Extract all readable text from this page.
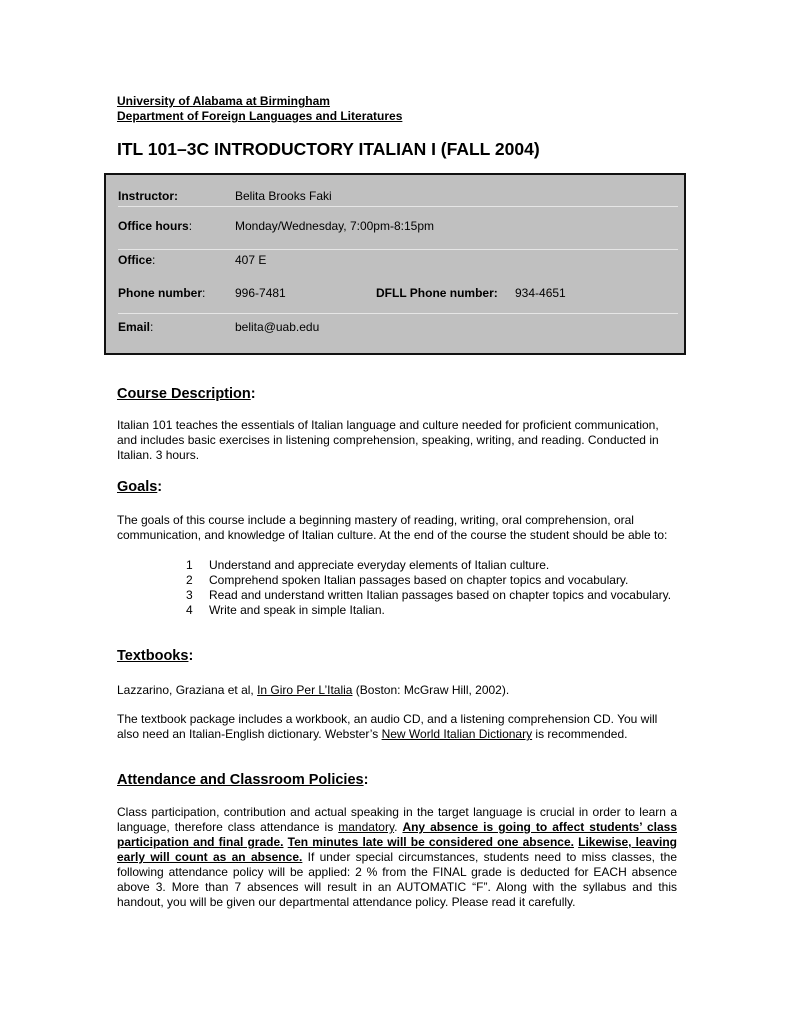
University of Alabama at Birmingham
Department of Foreign Languages and Literatures
ITL 101–3C INTRODUCTORY ITALIAN I (FALL 2004)
Instructor:	Belita Brooks Faki
Office hours:	Monday/Wednesday, 7:00pm-8:15pm
Office:	407 E
Phone number: 996-7481	DFLL Phone number: 934-4651
Email:	belita@uab.edu
Course Description:

Italian 101 teaches the essentials of Italian language and culture needed for proficient communication, and includes basic exercises in listening comprehension, speaking, writing, and reading. Conducted in Italian. 3 hours.

Goals:

The goals of this course include a beginning mastery of reading, writing, oral comprehension, oral communication, and knowledge of Italian culture. At the end of the course the student should be able to:

1 Understand and appreciate everyday elements of Italian culture.
2 Comprehend spoken Italian passages based on chapter topics and vocabulary.
3 Read and understand written Italian passages based on chapter topics and vocabulary.
4 Write and speak in simple Italian.
Textbooks:

Lazzarino, Graziana et al, In Giro Per L’Italia (Boston: McGraw Hill, 2002).

The textbook package includes a workbook, an audio CD, and a listening comprehension CD. You will also need an Italian-English dictionary. Webster’s New World Italian Dictionary is recommended.

Attendance and Classroom Policies:

Class participation, contribution and actual speaking in the target language is crucial in order to learn a language, therefore class attendance is mandatory. Any absence is going to affect students’ class participation and final grade. Ten minutes late will be considered one absence. Likewise, leaving early will count as an absence. If under special circumstances, students need to miss classes, the following attendance policy will be applied: 2 % from the FINAL grade is deducted for EACH absence above 3. More than 7 absences will result in an AUTOMATIC “F”. Along with the syllabus and this handout, you will be given our departmental attendance policy. Please read it carefully.
